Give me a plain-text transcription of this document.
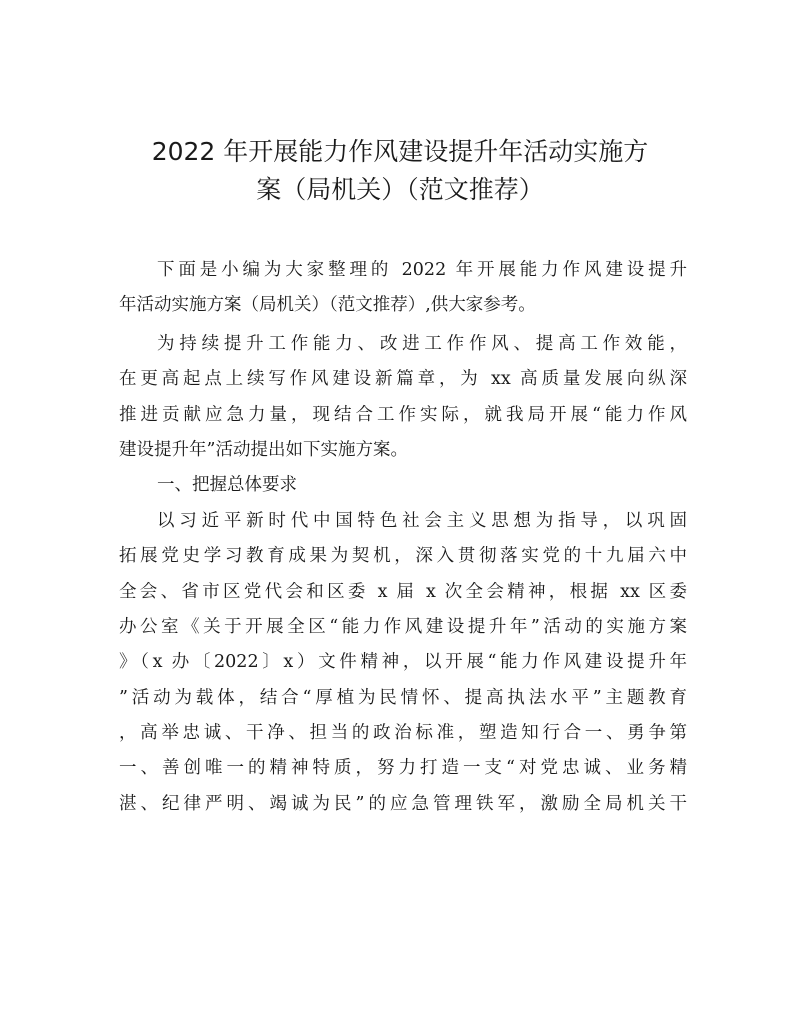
2022 年开展能力作风建设提升年活动实施方
案（局机关）（范文推荐）
下面是小编为大家整理的 2022 年开展能力作风建设提升
年活动实施方案（局机关）（范文推荐）,供大家参考。
为持续提升工作能力、改进工作作风、提高工作效能，
在更高起点上续写作风建设新篇章，为 xx 高质量发展向纵深
推进贡献应急力量，现结合工作实际，就我局开展“能力作风
建设提升年”活动提出如下实施方案。
一、把握总体要求
以习近平新时代中国特色社会主义思想为指导，以巩固
拓展党史学习教育成果为契机，深入贯彻落实党的十九届六中
全会、省市区党代会和区委 x 届 x 次全会精神，根据 xx 区委
办公室《关于开展全区“能力作风建设提升年”活动的实施方案
》（x 办〔2022〕x）文件精神，以开展“能力作风建设提升年
”活动为载体，结合“厚植为民情怀、提高执法水平”主题教育
，高举忠诚、干净、担当的政治标准，塑造知行合一、勇争第
一、善创唯一的精神特质，努力打造一支“对党忠诚、业务精
湛、纪律严明、竭诚为民”的应急管理铁军，激励全局机关干
